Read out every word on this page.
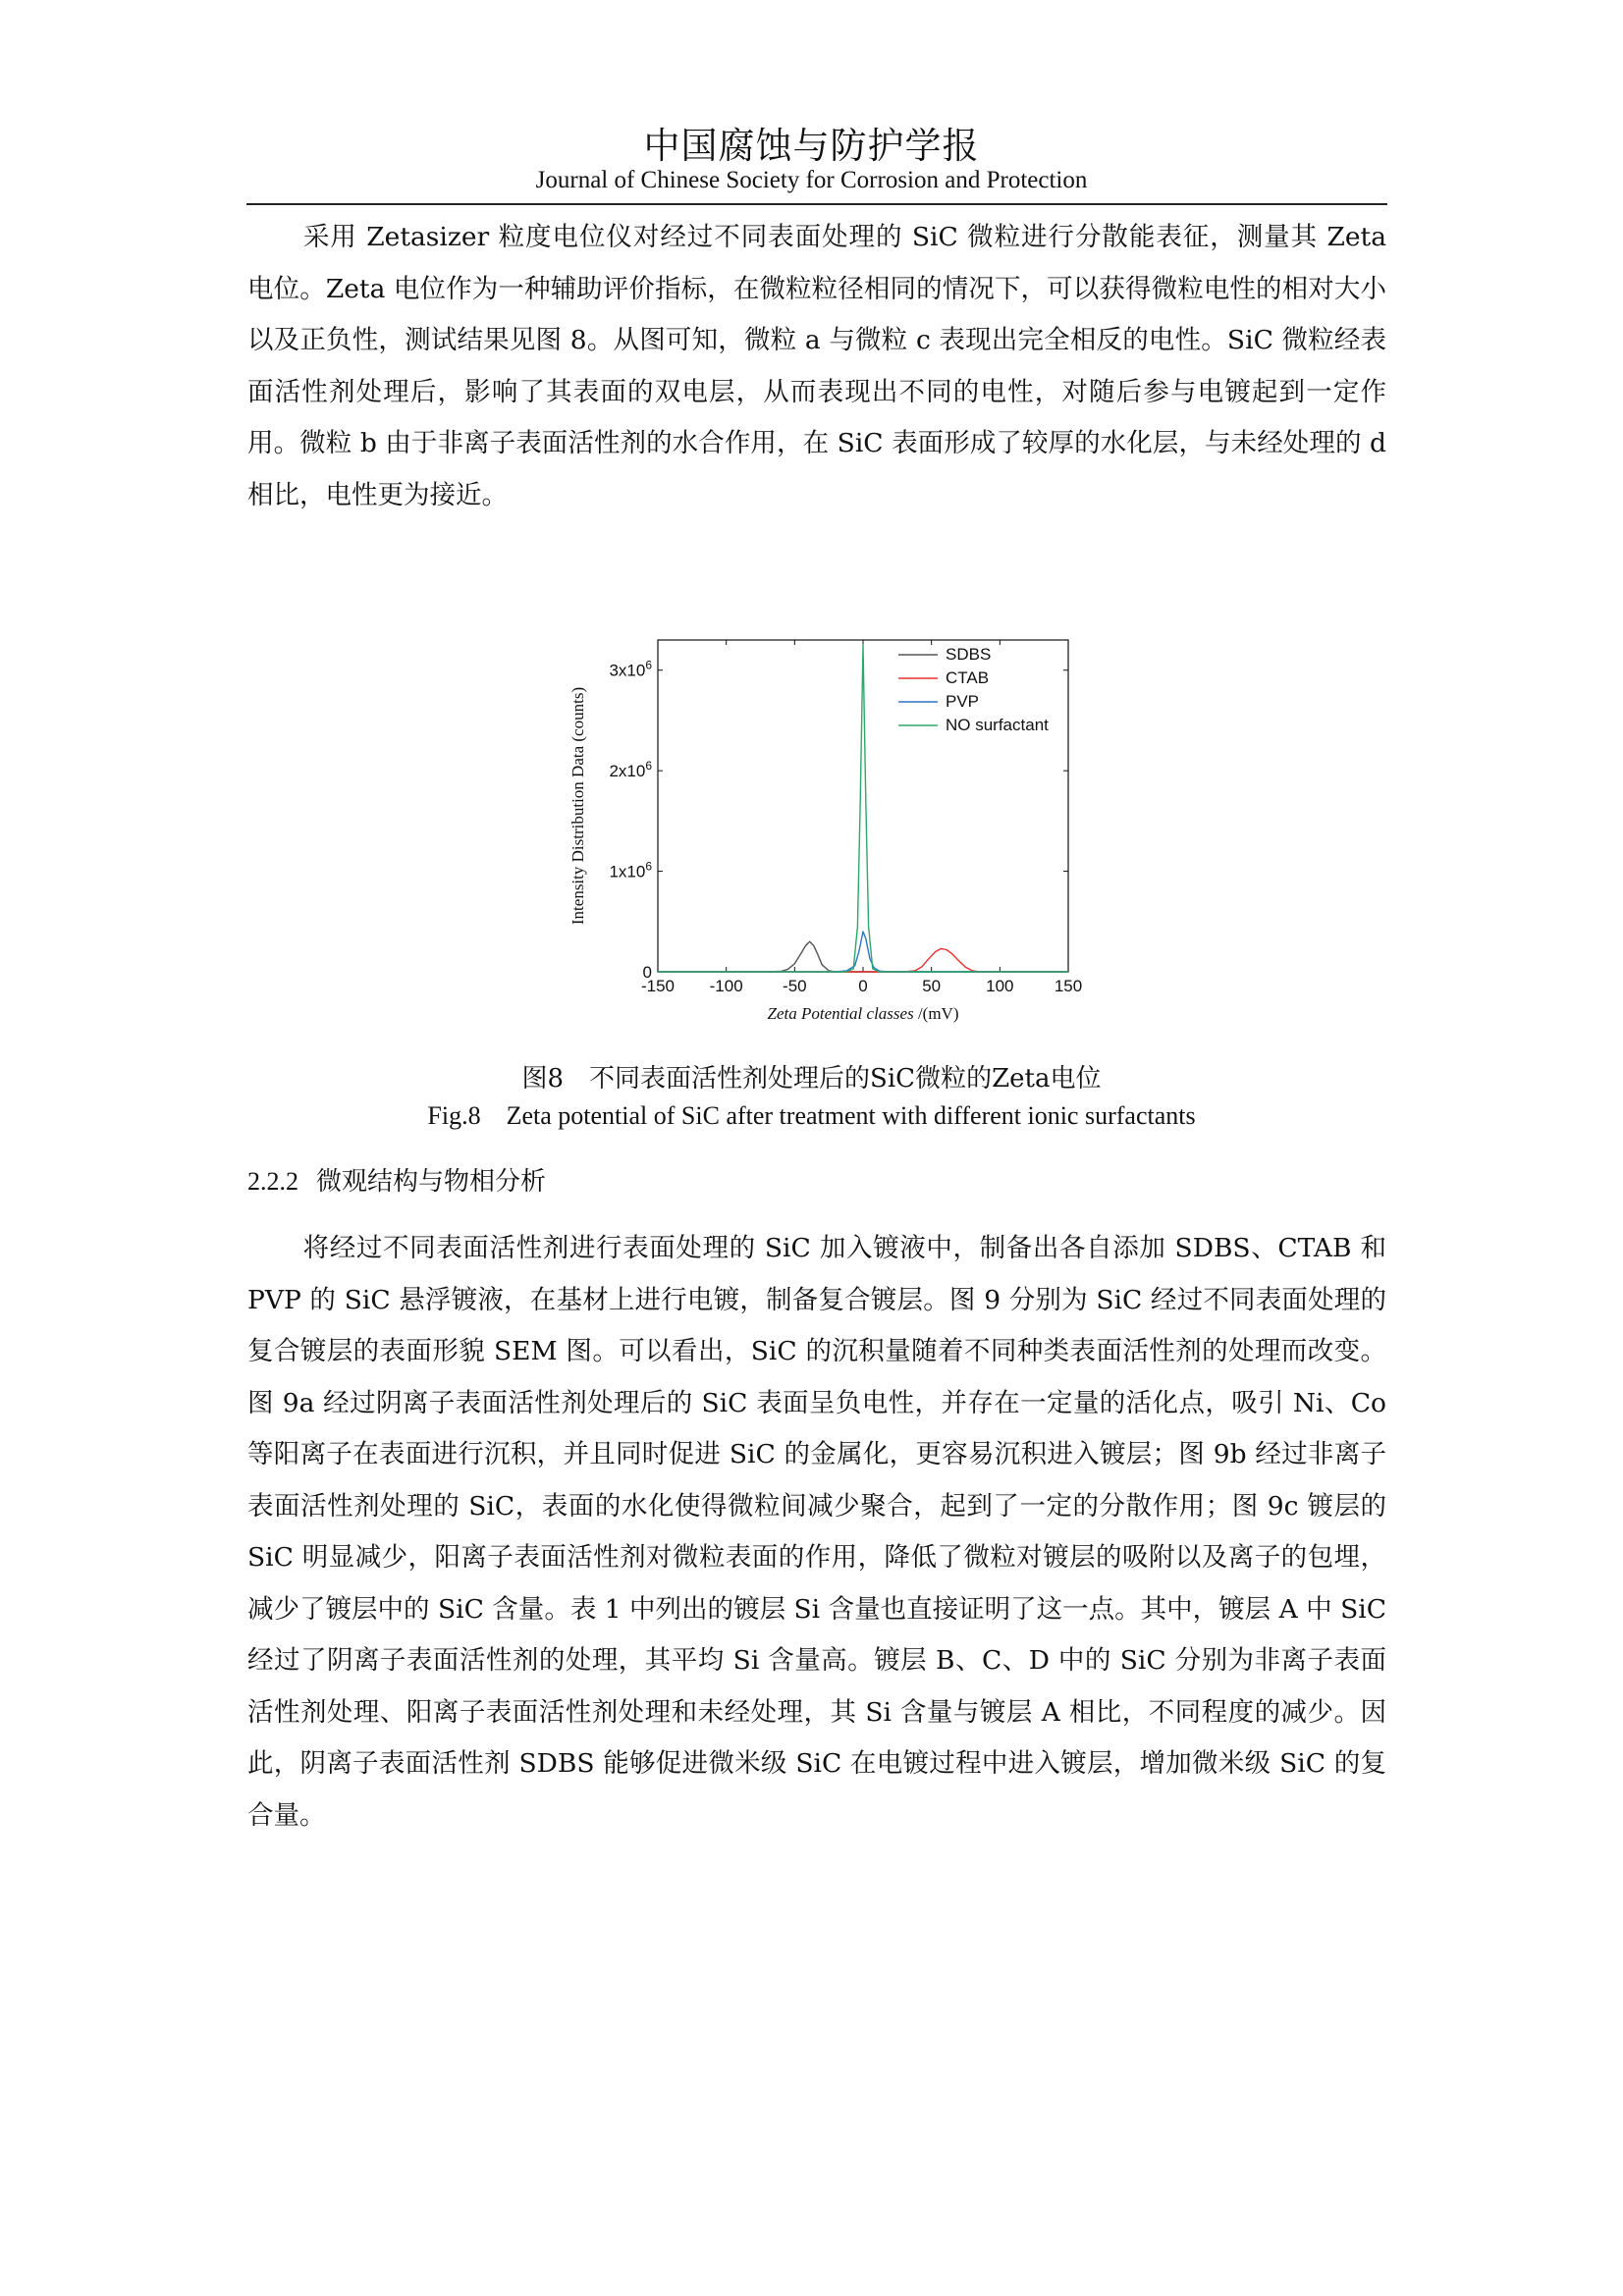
中国腐蚀与防护学报
Journal of Chinese Society for Corrosion and Protection

采用 Zetasizer 粒度电位仪对经过不同表面处理的 SiC 微粒进行分散能表征，测量其 Zeta 电位。Zeta 电位作为一种辅助评价指标，在微粒粒径相同的情况下，可以获得微粒电性的相对大小以及正负性，测试结果见图 8。从图可知，微粒 a 与微粒 c 表现出完全相反的电性。SiC 微粒经表面活性剂处理后，影响了其表面的双电层，从而表现出不同的电性，对随后参与电镀起到一定作用。微粒 b 由于非离子表面活性剂的水合作用，在 SiC 表面形成了较厚的水化层，与未经处理的 d 相比，电性更为接近。

-150 -100 -50	0	50	100 150
0
$1x10^6$
$2x10^6$
$3x10^6$
SDBS
CTAB
PVP
NO surfactant
Intensity Distribution Data (counts)
Zeta Potential classes /(mV)

图8 不同表面活性剂处理后的SiC微粒的Zeta电位

Fig.8 Zeta potential of SiC after treatment with different ionic surfactants

2.2.2 微观结构与物相分析

将经过不同表面活性剂进行表面处理的 SiC 加入镀液中，制备出各自添加 SDBS、CTAB 和 PVP 的 SiC 悬浮镀液，在基材上进行电镀，制备复合镀层。图 9 分别为 SiC 经过不同表面处理的复合镀层的表面形貌 SEM 图。可以看出，SiC 的沉积量随着不同种类表面活性剂的处理而改变。图 9a 经过阴离子表面活性剂处理后的 SiC 表面呈负电性，并存在一定量的活化点，吸引 Ni、Co 等阳离子在表面进行沉积，并且同时促进 SiC 的金属化，更容易沉积进入镀层；图 9b 经过非离子表面活性剂处理的 SiC，表面的水化使得微粒间减少聚合，起到了一定的分散作用；图 9c 镀层的 SiC 明显减少，阳离子表面活性剂对微粒表面的作用，降低了微粒对镀层的吸附以及离子的包埋，减少了镀层中的 SiC 含量。表 1 中列出的镀层 Si 含量也直接证明了这一点。其中，镀层 A 中 SiC 经过了阴离子表面活性剂的处理，其平均 Si 含量高。镀层 B、C、D 中的 SiC 分别为非离子表面活性剂处理、阳离子表面活性剂处理和未经处理，其 Si 含量与镀层 A 相比，不同程度的减少。因此，阴离子表面活性剂 SDBS 能够促进微米级 SiC 在电镀过程中进入镀层，增加微米级 SiC 的复合量。
